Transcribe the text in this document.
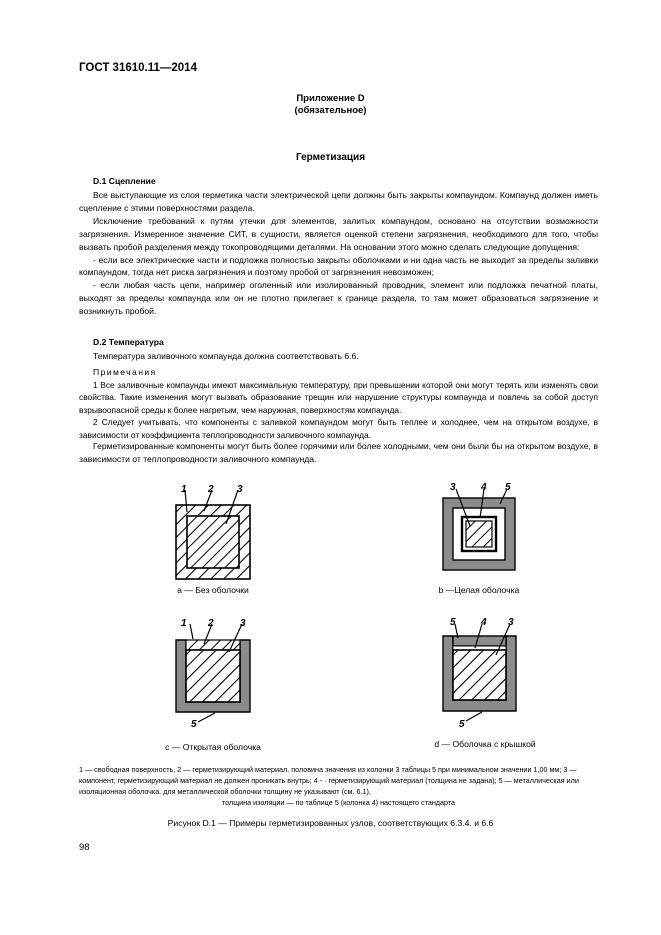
ГОСТ 31610.11—2014
Приложение D
(обязательное)
Герметизация
D.1 Сцепление

Все выступающие из слоя герметика части электрической цепи должны быть закрыты компаундом. Компаунд должен иметь сцепление с этими поверхностями раздела.

Исключение требований к путям утечки для элементов, залитых компаундом, основано на отсутствии возможности загрязнения. Измеренное значение СИТ, в сущности, является оценкой степени загрязнения, необходимого для того, чтобы вызвать пробой разделения между токопроводящими деталями. На основании этого можно сделать следующие допущения:

- если все электрические части и подложка полностью закрыты оболочками и ни одна часть не выходит за пределы заливки компаундом, тогда нет риска загрязнения и поэтому пробой от загрязнения невозможен;

- если любая часть цепи, например оголенный или изолированный проводник, элемент или подложка печатной платы, выходят за пределы компаунда или он не плотно прилегает к границе раздела, то там может образоваться загрязнение и возникнуть пробой.

D.2 Температура

Температура заливочного компаунда должна соответствовать 6.6.

Примечания

1 Все заливочные компаунды имеют максимальную температуру, при превышении которой они могут терять или изменять свои свойства. Такие изменения могут вызвать образование трещин или нарушение структуры компаунда и повлечь за собой доступ взрывоопасной среды к более нагретым, чем наружная, поверхностям компаунда.

2 Следует учитывать, что компоненты с заливкой компаундом могут быть теплее и холоднее, чем на открытом воздухе, в зависимости от коэффициента теплопроводности заливочного компаунда.

Герметизированные компоненты могут быть более горячими или более холодными, чем они были бы на открытом воздухе, в зависимости от теплопроводности заливочного компаунда.

1 2 3	3	4 5
1 2	3
5
5	4 3
5
a — Без оболочки	b —Целая оболочка
c — Открытая оболочка	d — Оболочка с крышкой

1 — свободная поверхность, 2 — герметизирующий материал. половина значения из колонки 3 таблицы 5 при минимальном значении 1,00 мм; 3 — компонент, герметизирующий материал не должен проникать внутрь; 4 - · герметизирующий материал (толщина не задана); 5 — металлическая или изоляционная оболочка. для металлической оболочки толщину не указывают (см. 6.1),

толщина изоляции — по таблице 5 (колонка 4) настоящего стандарта

Рисунок D.1 — Примеры герметизированных узлов, соответствующих 6.3.4. и 6.6
98
